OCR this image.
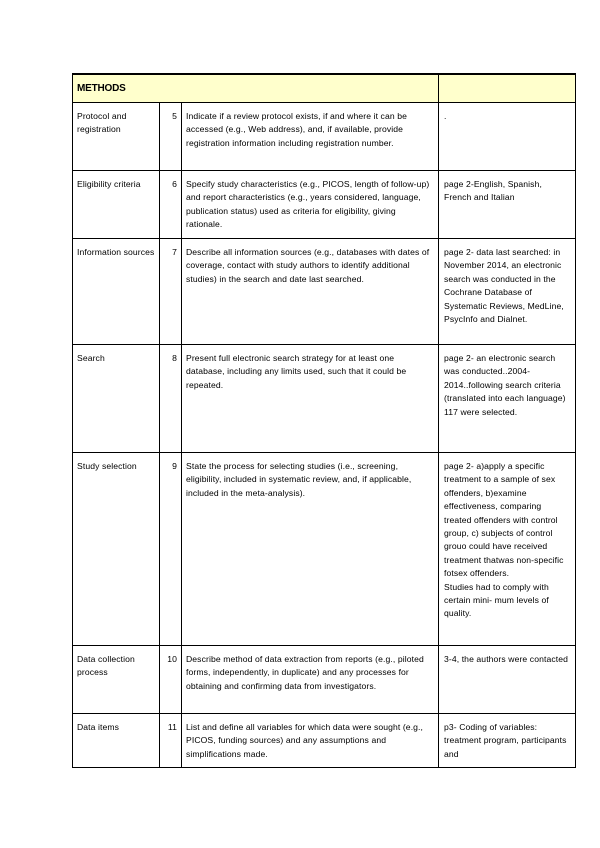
METHODS			
Protocol and registration	5	Indicate if a review protocol exists, if and where it can be accessed (e.g., Web address), and, if available, provide registration information including registration number.	.

Eligibility criteria	6	Specify study characteristics (e.g., PICOS, length of follow-up) and report characteristics (e.g., years considered, language, publication status) used as criteria for eligibility, giving rationale.	page 2-English, Spanish, French and Italian

Information sources	7	Describe all information sources (e.g., databases with dates of coverage, contact with study authors to identify additional studies) in the search and date last searched.	page 2- data last searched: in November 2014, an electronic search was conducted in the Cochrane Database of Systematic Reviews, MedLine, PsycInfo and Dialnet.

Search	8	Present full electronic search strategy for at least one database, including any limits used, such that it could be repeated.	page 2- an electronic search was conducted..2004-2014..following search criteria (translated into each language) 117 were selected.

Study selection	9	State the process for selecting studies (i.e., screening, eligibility, included in systematic review, and, if applicable, included in the meta-analysis).	page 2- a)apply a specific treatment to a sample of sex offenders, b)examine effectiveness, comparing treated offenders with control group, c) subjects of control grouo could have received treatment thatwas non-specific fotsex offenders.
Studies had to comply with certain mini- mum levels of quality.

Data collection process	10	Describe method of data extraction from reports (e.g., piloted forms, independently, in duplicate) and any processes for obtaining and confirming data from investigators.	3-4, the authors were contacted

Data items	11	List and define all variables for which data were sought (e.g., PICOS, funding sources) and any assumptions and simplifications made.	p3- Coding of variables: treatment program, participants and
